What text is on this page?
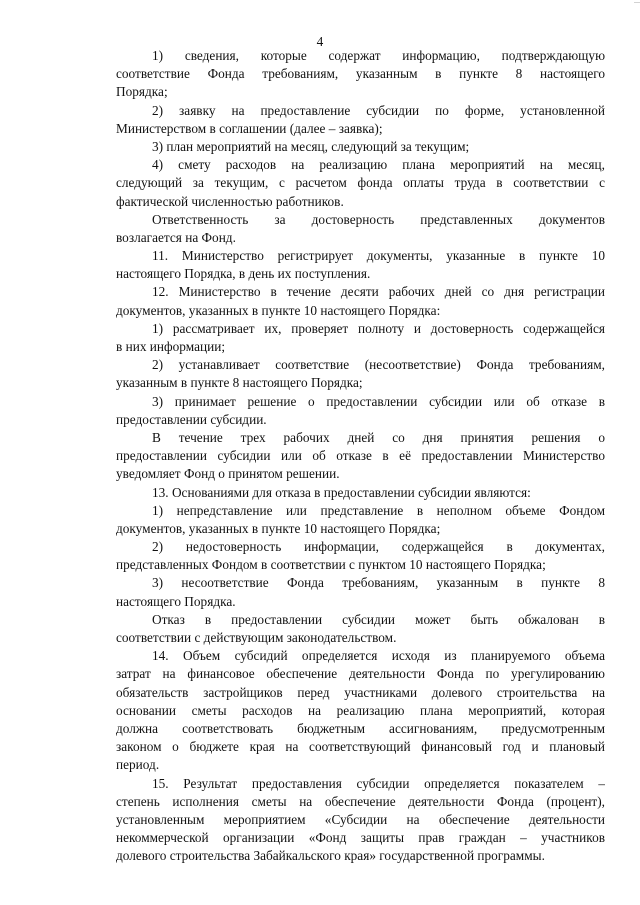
—
4
1) сведения, которые содержат информацию, подтверждающую
соответствие Фонда требованиям, указанным в пункте 8 настоящего
Порядка;
2) заявку на предоставление субсидии по форме, установленной
Министерством в соглашении (далее – заявка);
3) план мероприятий на месяц, следующий за текущим;
4) смету расходов на реализацию плана мероприятий на месяц,
следующий за текущим, с расчетом фонда оплаты труда в соответствии с
фактической численностью работников.
Ответственность за достоверность представленных документов
возлагается на Фонд.
11. Министерство регистрирует документы, указанные в пункте 10
настоящего Порядка, в день их поступления.
12. Министерство в течение десяти рабочих дней со дня регистрации
документов, указанных в пункте 10 настоящего Порядка:
1) рассматривает их, проверяет полноту и достоверность содержащейся
в них информации;
2) устанавливает соответствие (несоответствие) Фонда требованиям,
указанным в пункте 8 настоящего Порядка;
3) принимает решение о предоставлении субсидии или об отказе в
предоставлении субсидии.
В течение трех рабочих дней со дня принятия решения о
предоставлении субсидии или об отказе в её предоставлении Министерство
уведомляет Фонд о принятом решении.
13. Основаниями для отказа в предоставлении субсидии являются:
1) непредставление или представление в неполном объеме Фондом
документов, указанных в пункте 10 настоящего Порядка;
2) недостоверность информации, содержащейся в документах,
представленных Фондом в соответствии с пунктом 10 настоящего Порядка;
3) несоответствие Фонда требованиям, указанным в пункте 8
настоящего Порядка.
Отказ в предоставлении субсидии может быть обжалован в
соответствии с действующим законодательством.
14. Объем субсидий определяется исходя из планируемого объема
затрат на финансовое обеспечение деятельности Фонда по урегулированию
обязательств застройщиков перед участниками долевого строительства на
основании сметы расходов на реализацию плана мероприятий, которая
должна соответствовать бюджетным ассигнованиям, предусмотренным
законом о бюджете края на соответствующий финансовый год и плановый
период.
15. Результат предоставления субсидии определяется показателем –
степень исполнения сметы на обеспечение деятельности Фонда (процент),
установленным мероприятием «Субсидии на обеспечение деятельности
некоммерческой организации «Фонд защиты прав граждан – участников
долевого строительства Забайкальского края» государственной программы.
